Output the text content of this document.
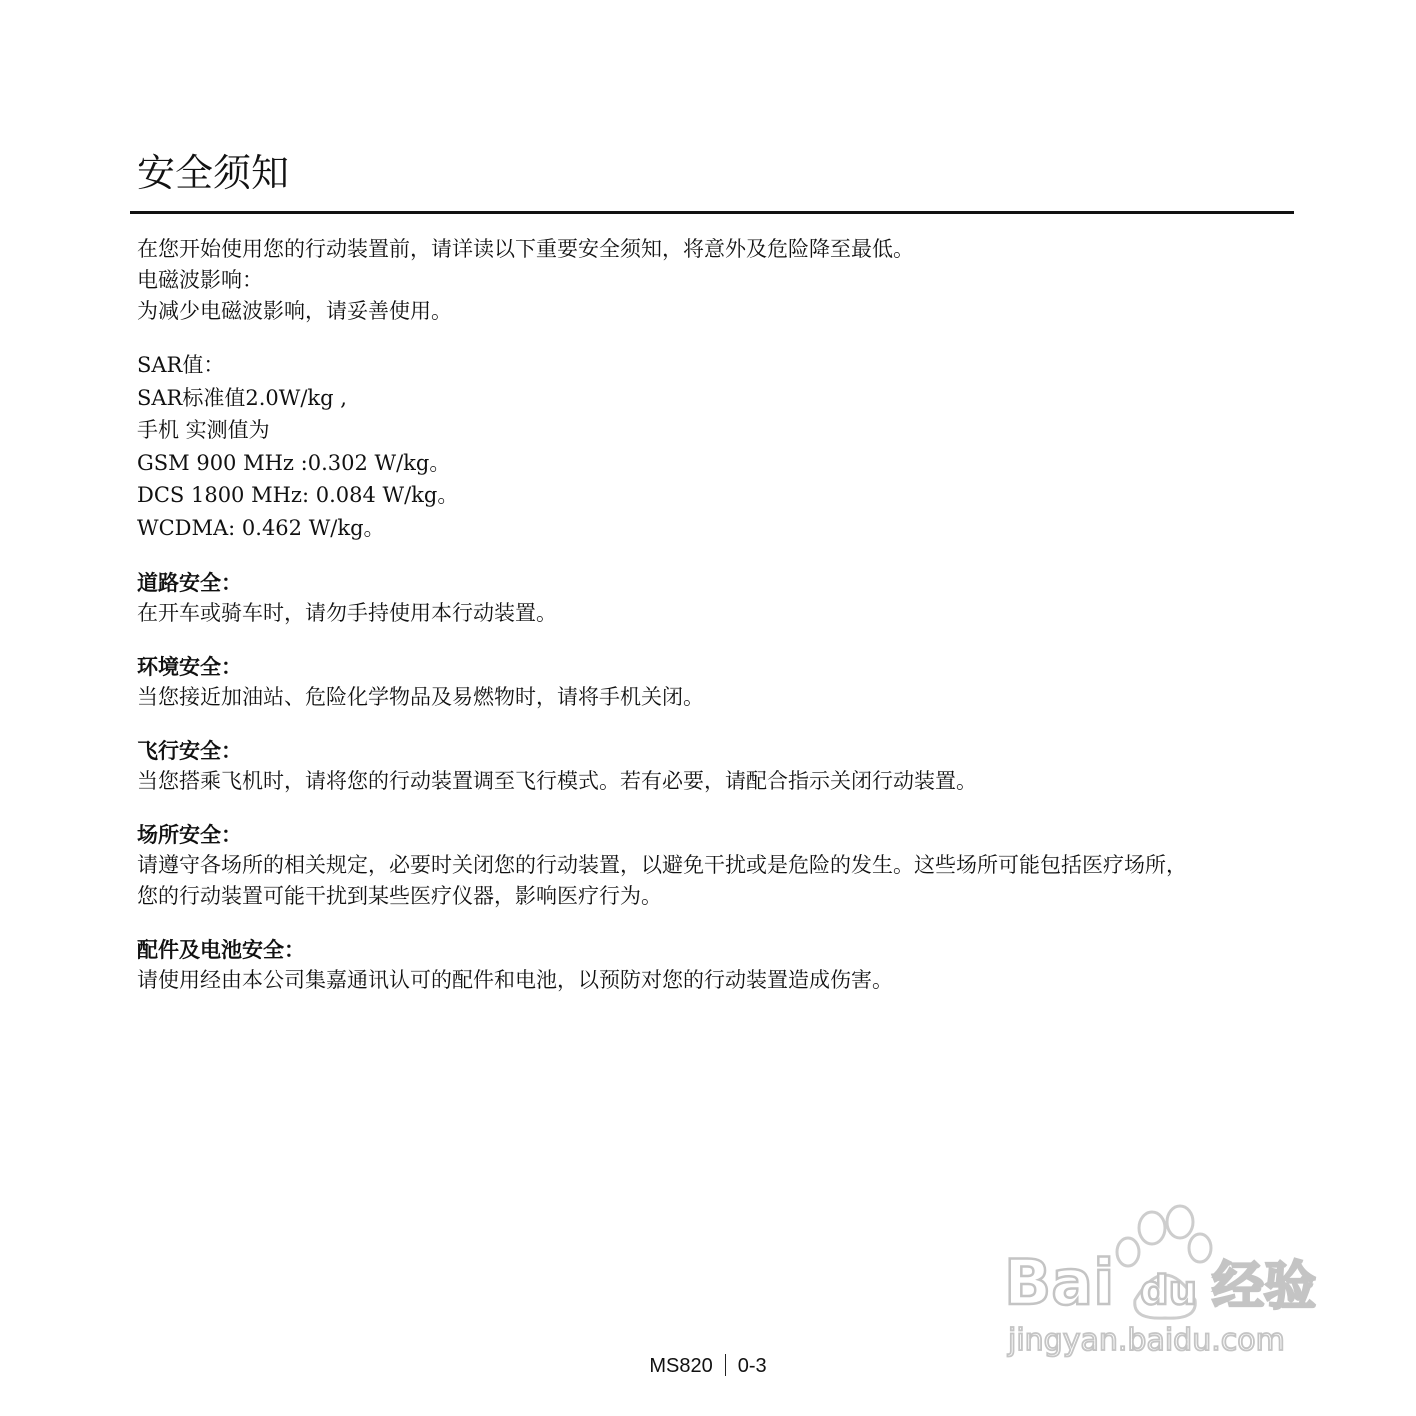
安全须知
在您开始使用您的行动装置前，请详读以下重要安全须知，将意外及危险降至最低。
电磁波影响：
为减少电磁波影响，请妥善使用。
SAR值：
SAR标准值2.0W/kg ,
手机 实测值为
GSM 900 MHz :0.302 W/kg。
DCS 1800 MHz: 0.084 W/kg。
WCDMA: 0.462 W/kg。
道路安全：
在开车或骑车时，请勿手持使用本行动装置。
环境安全：
当您接近加油站、危险化学物品及易燃物时，请将手机关闭。
飞行安全：
当您搭乘飞机时，请将您的行动装置调至飞行模式。若有必要，请配合指示关闭行动装置。
场所安全：
请遵守各场所的相关规定，必要时关闭您的行动装置，以避免干扰或是危险的发生。这些场所可能包括医疗场所，
您的行动装置可能干扰到某些医疗仪器，影响医疗行为。
配件及电池安全：
请使用经由本公司集嘉通讯认可的配件和电池，以预防对您的行动装置造成伤害。
Bai du 经验
jingyan.baidu.com
MS820 0-3
